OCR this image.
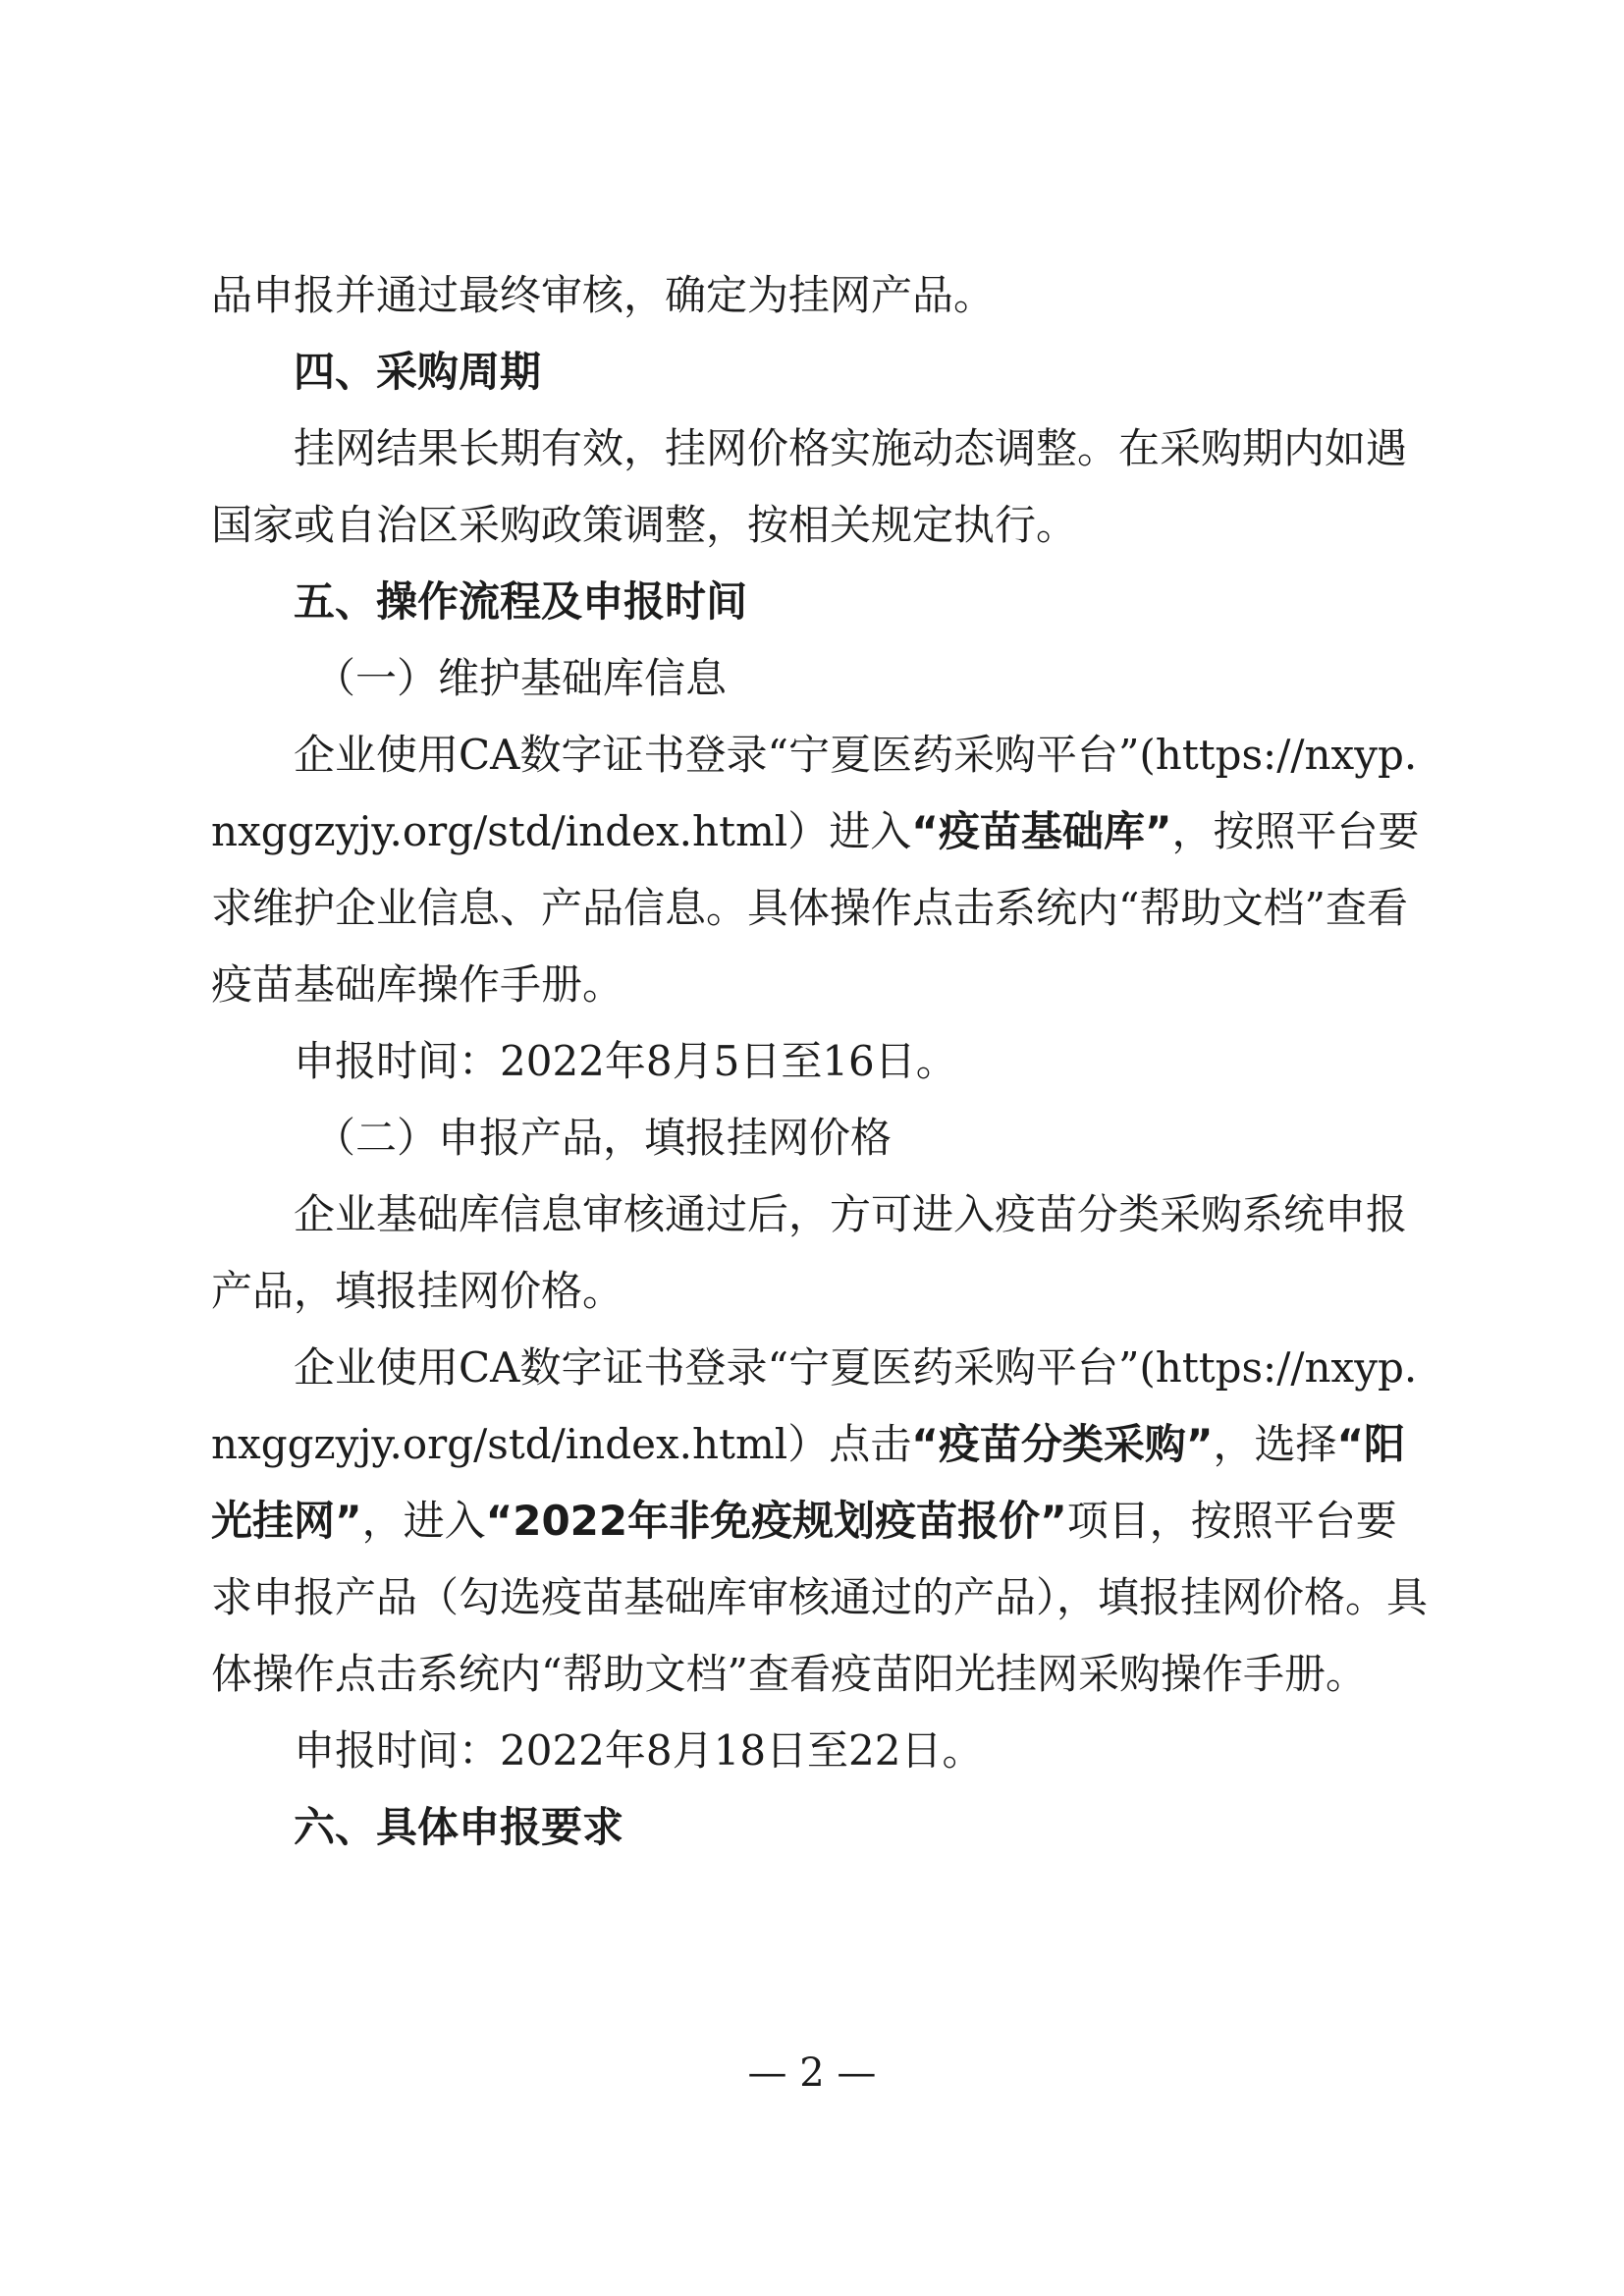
品申报并通过最终审核，确定为挂网产品。

四、采购周期

挂网结果长期有效，挂网价格实施动态调整。在采购期内如遇国家或自治区采购政策调整，按相关规定执行。

五、操作流程及申报时间

（一）维护基础库信息

企业使用CA数字证书登录“宁夏医药采购平台”(https://nxyp.nxggzyjy.org/std/index.html）进入“疫苗基础库”，按照平台要求维护企业信息、产品信息。具体操作点击系统内“帮助文档”查看疫苗基础库操作手册。

申报时间：2022年8月5日至16日。

（二）申报产品，填报挂网价格

企业基础库信息审核通过后，方可进入疫苗分类采购系统申报产品，填报挂网价格。

企业使用CA数字证书登录“宁夏医药采购平台”(https://nxyp.nxggzyjy.org/std/index.html）点击“疫苗分类采购”，选择“阳光挂网”，进入“2022年非免疫规划疫苗报价”项目，按照平台要求申报产品（勾选疫苗基础库审核通过的产品），填报挂网价格。具体操作点击系统内“帮助文档”查看疫苗阳光挂网采购操作手册。

申报时间：2022年8月18日至22日。

六、具体申报要求

— 2 —
